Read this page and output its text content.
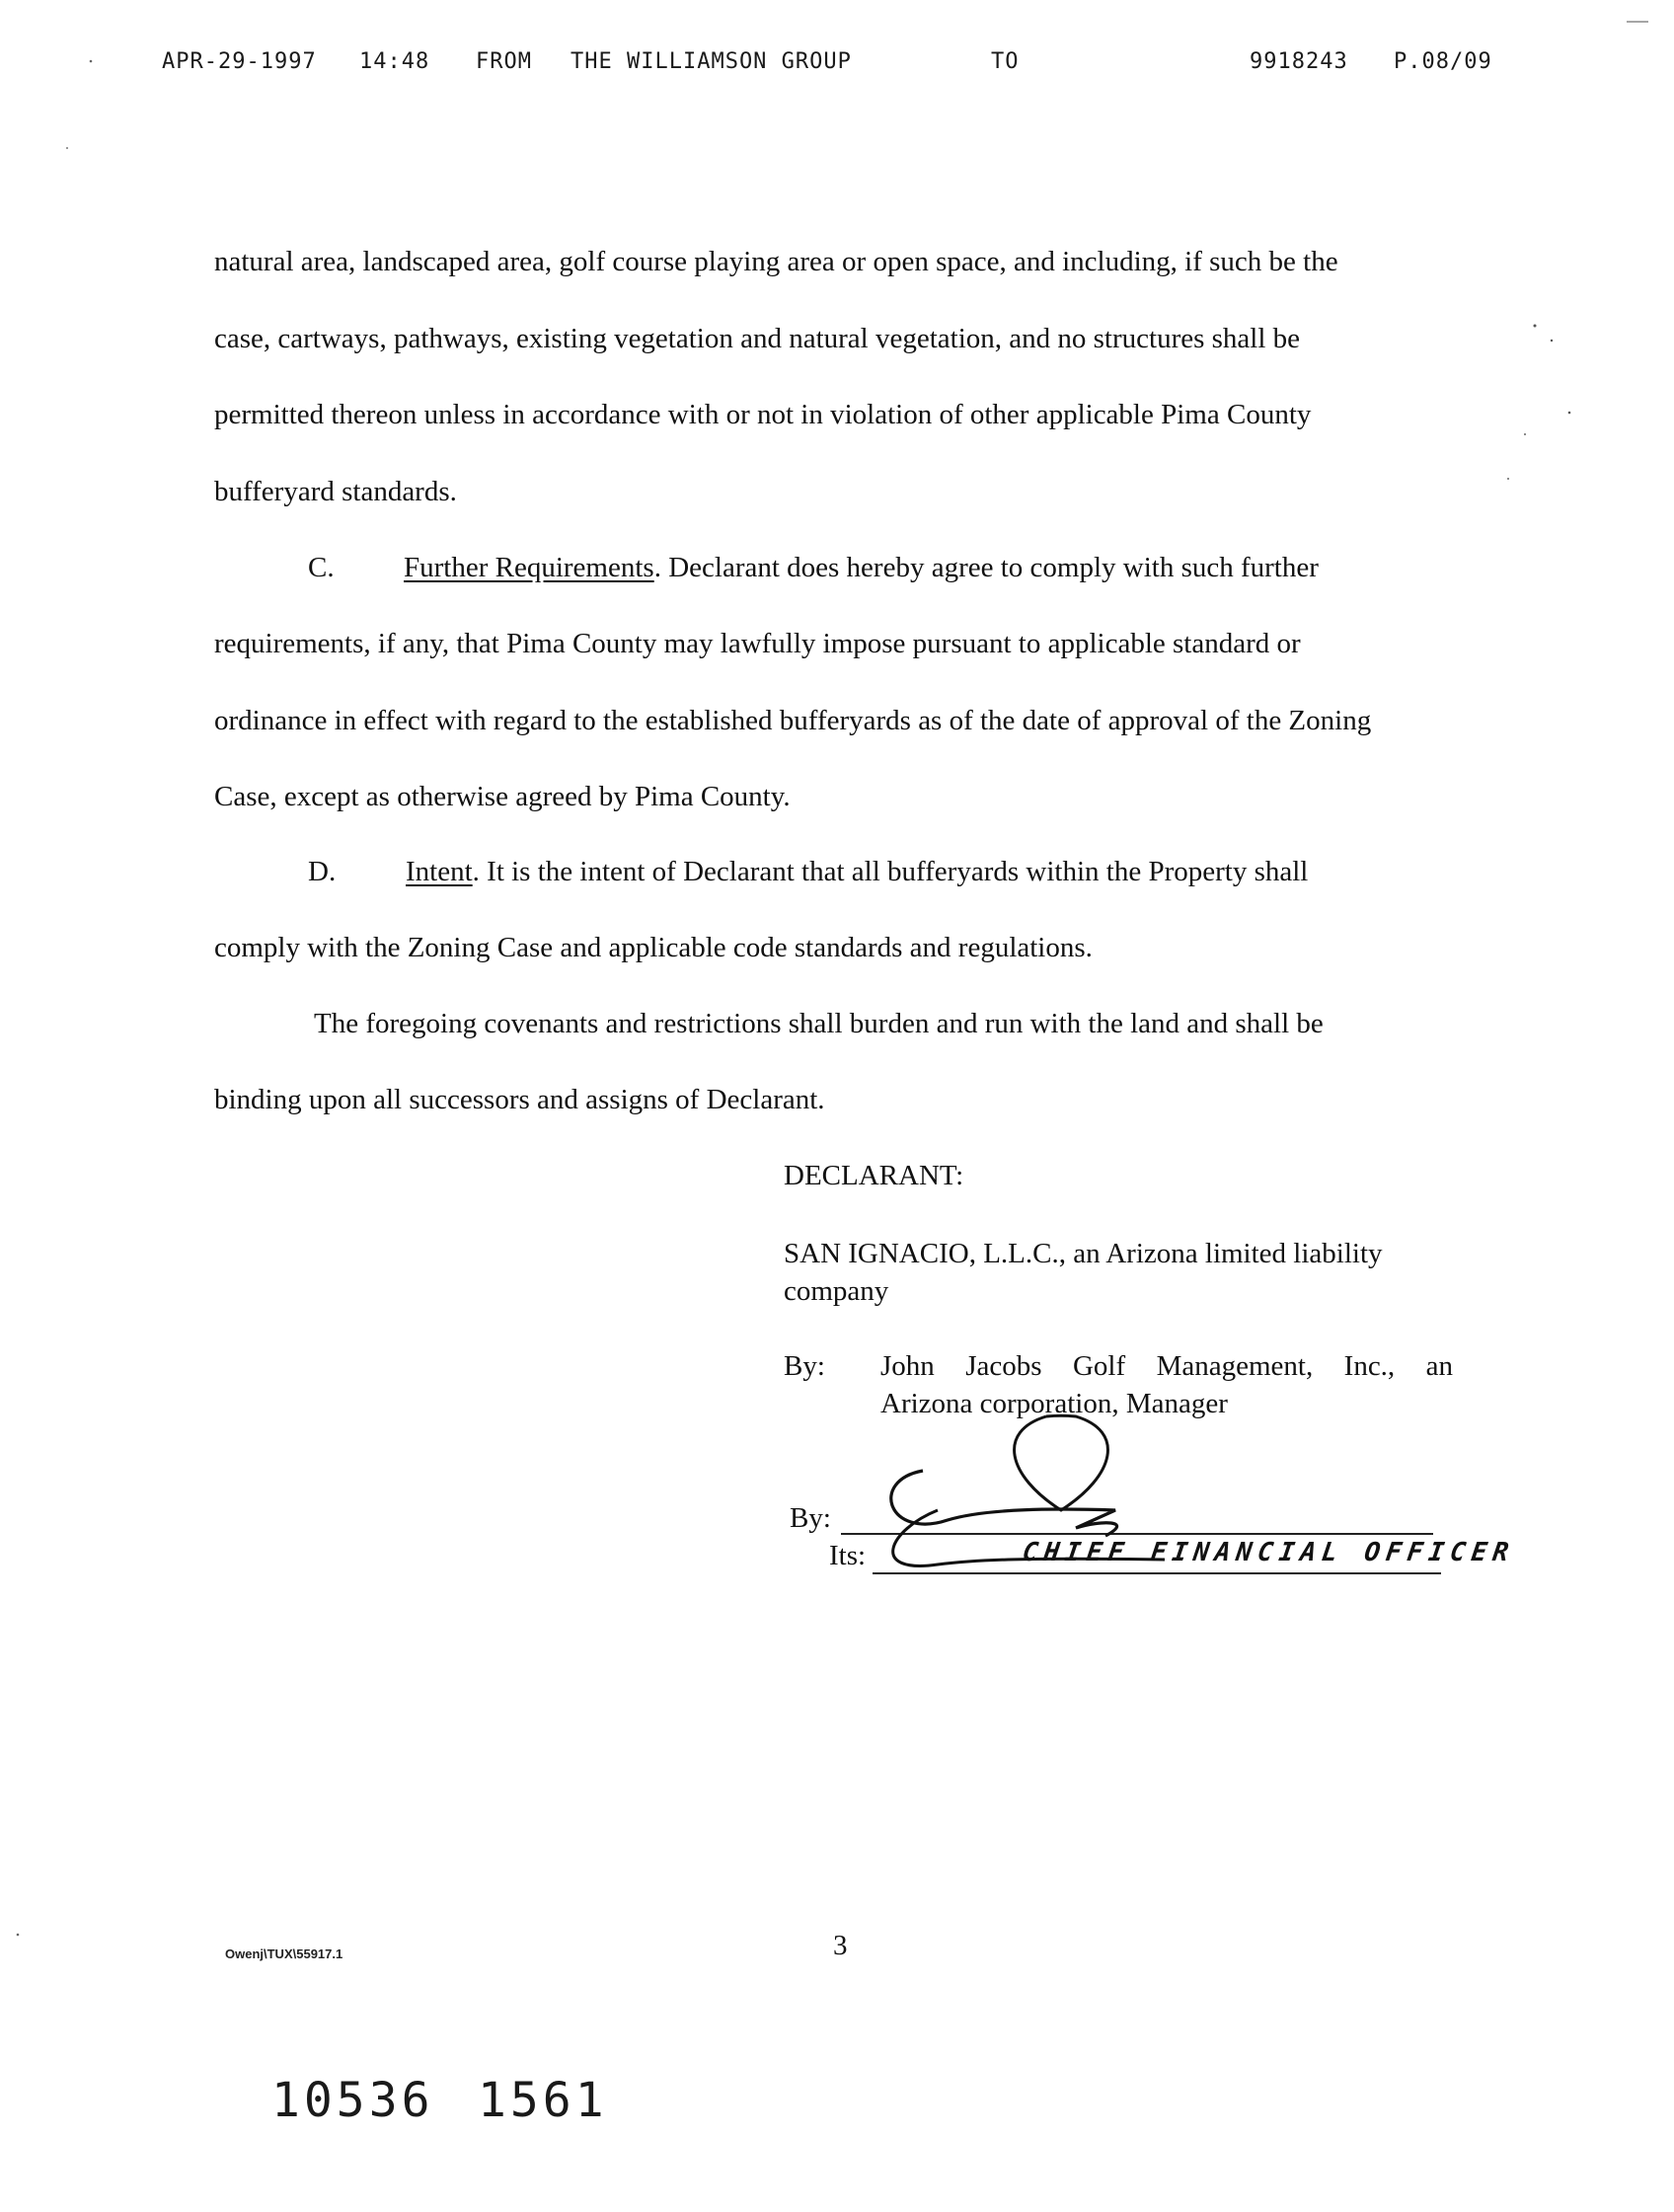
APR-29-1997 14:48 FROM THE WILLIAMSON GROUP	TO	9918243 P.08/09
natural area, landscaped area, golf course playing area or open space, and including, if such be the
case, cartways, pathways, existing vegetation and natural vegetation, and no structures shall be
permitted thereon unless in accordance with or not in violation of other applicable Pima County
bufferyard standards.
C. Further Requirements. Declarant does hereby agree to comply with such further
requirements, if any, that Pima County may lawfully impose pursuant to applicable standard or
ordinance in effect with regard to the established bufferyards as of the date of approval of the Zoning
Case, except as otherwise agreed by Pima County.
D. Intent. It is the intent of Declarant that all bufferyards within the Property shall
comply with the Zoning Case and applicable code standards and regulations.
The foregoing covenants and restrictions shall burden and run with the land and shall be
binding upon all successors and assigns of Declarant.
DECLARANT:
SAN IGNACIO, L.L.C., an Arizona limited liability
company
By: John Jacobs Golf Management, Inc., an
Arizona corporation, Manager
By:
Its:	CHIEF FINANCIAL OFFICER
Owenj\TUX\55917.1	3
10536 1561
